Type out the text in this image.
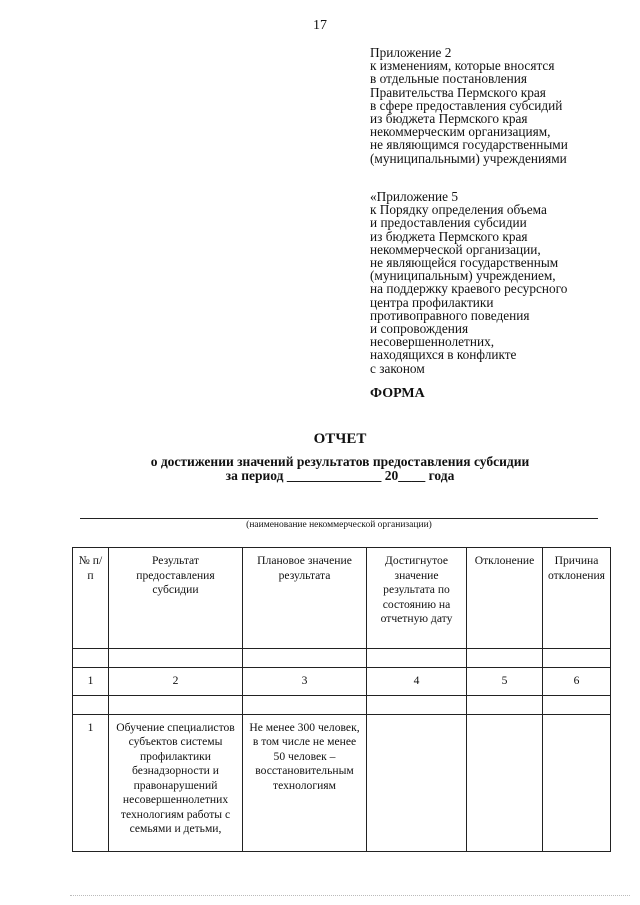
17
Приложение 2
к изменениям, которые вносятся
в отдельные постановления
Правительства Пермского края
в сфере предоставления субсидий
из бюджета Пермского края
некоммерческим организациям,
не являющимся государственными
(муниципальными) учреждениями
«Приложение 5
к Порядку определения объема
и предоставления субсидии
из бюджета Пермского края
некоммерческой организации,
не являющейся государственным
(муниципальным) учреждением,
на поддержку краевого ресурсного
центра профилактики
противоправного поведения
и сопровождения
несовершеннолетних,
находящихся в конфликте
с законом
ФОРМА
ОТЧЕТ
о достижении значений результатов предоставления субсидии
за период ______________ 20____ года
(наименование некоммерческой организации)
№ п/п	Результат предоставления субсидии	Плановое значение результата	Достигнутое значение результата по состоянию на отчетную дату	Отклонение	Причина отклонения

1	2	3	4	5	6

1	Обучение специалистов субъектов системы профилактики безнадзорности и правонарушений несовершеннолетних технологиям работы с семьями и детьми,	Не менее 300 человек, в том числе не менее 50 человек – восстановительным технологиям			
